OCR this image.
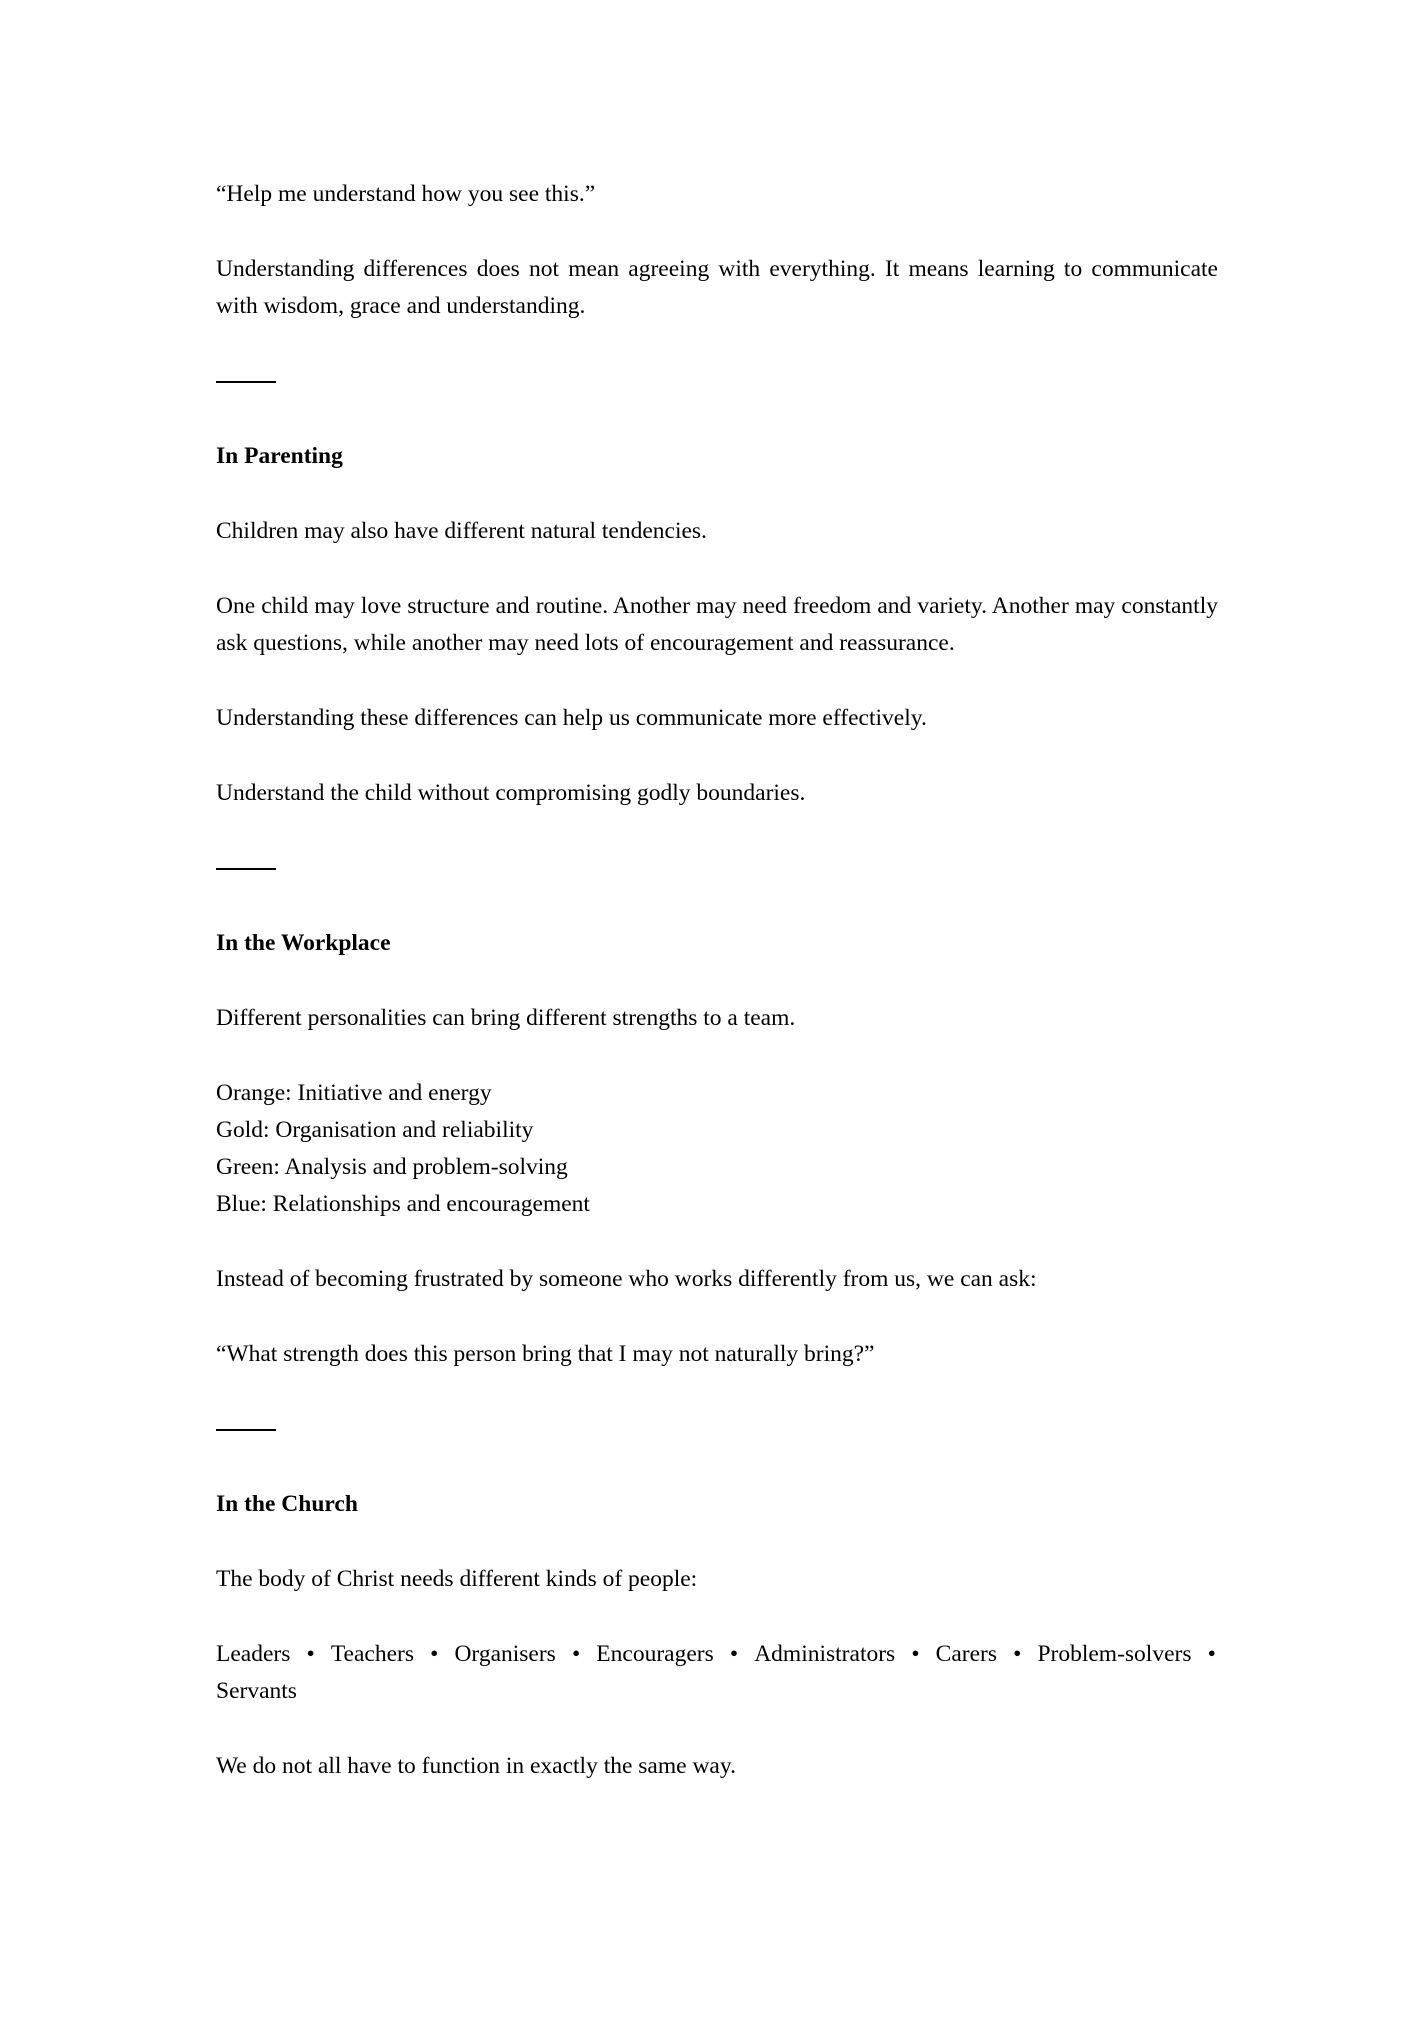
“Help me understand how you see this.”

Understanding differences does not mean agreeing with everything. It means learning to communicate with wisdom, grace and understanding.

In Parenting

Children may also have different natural tendencies.

One child may love structure and routine. Another may need freedom and variety. Another may constantly ask questions, while another may need lots of encouragement and reassurance.

Understanding these differences can help us communicate more effectively.

Understand the child without compromising godly boundaries.

In the Workplace

Different personalities can bring different strengths to a team.

Orange: Initiative and energy

Gold: Organisation and reliability

Green: Analysis and problem-solving

Blue: Relationships and encouragement

Instead of becoming frustrated by someone who works differently from us, we can ask:

“What strength does this person bring that I may not naturally bring?”

In the Church

The body of Christ needs different kinds of people:

Leaders • Teachers • Organisers • Encouragers • Administrators • Carers • Problem-solvers •

Servants

We do not all have to function in exactly the same way.
